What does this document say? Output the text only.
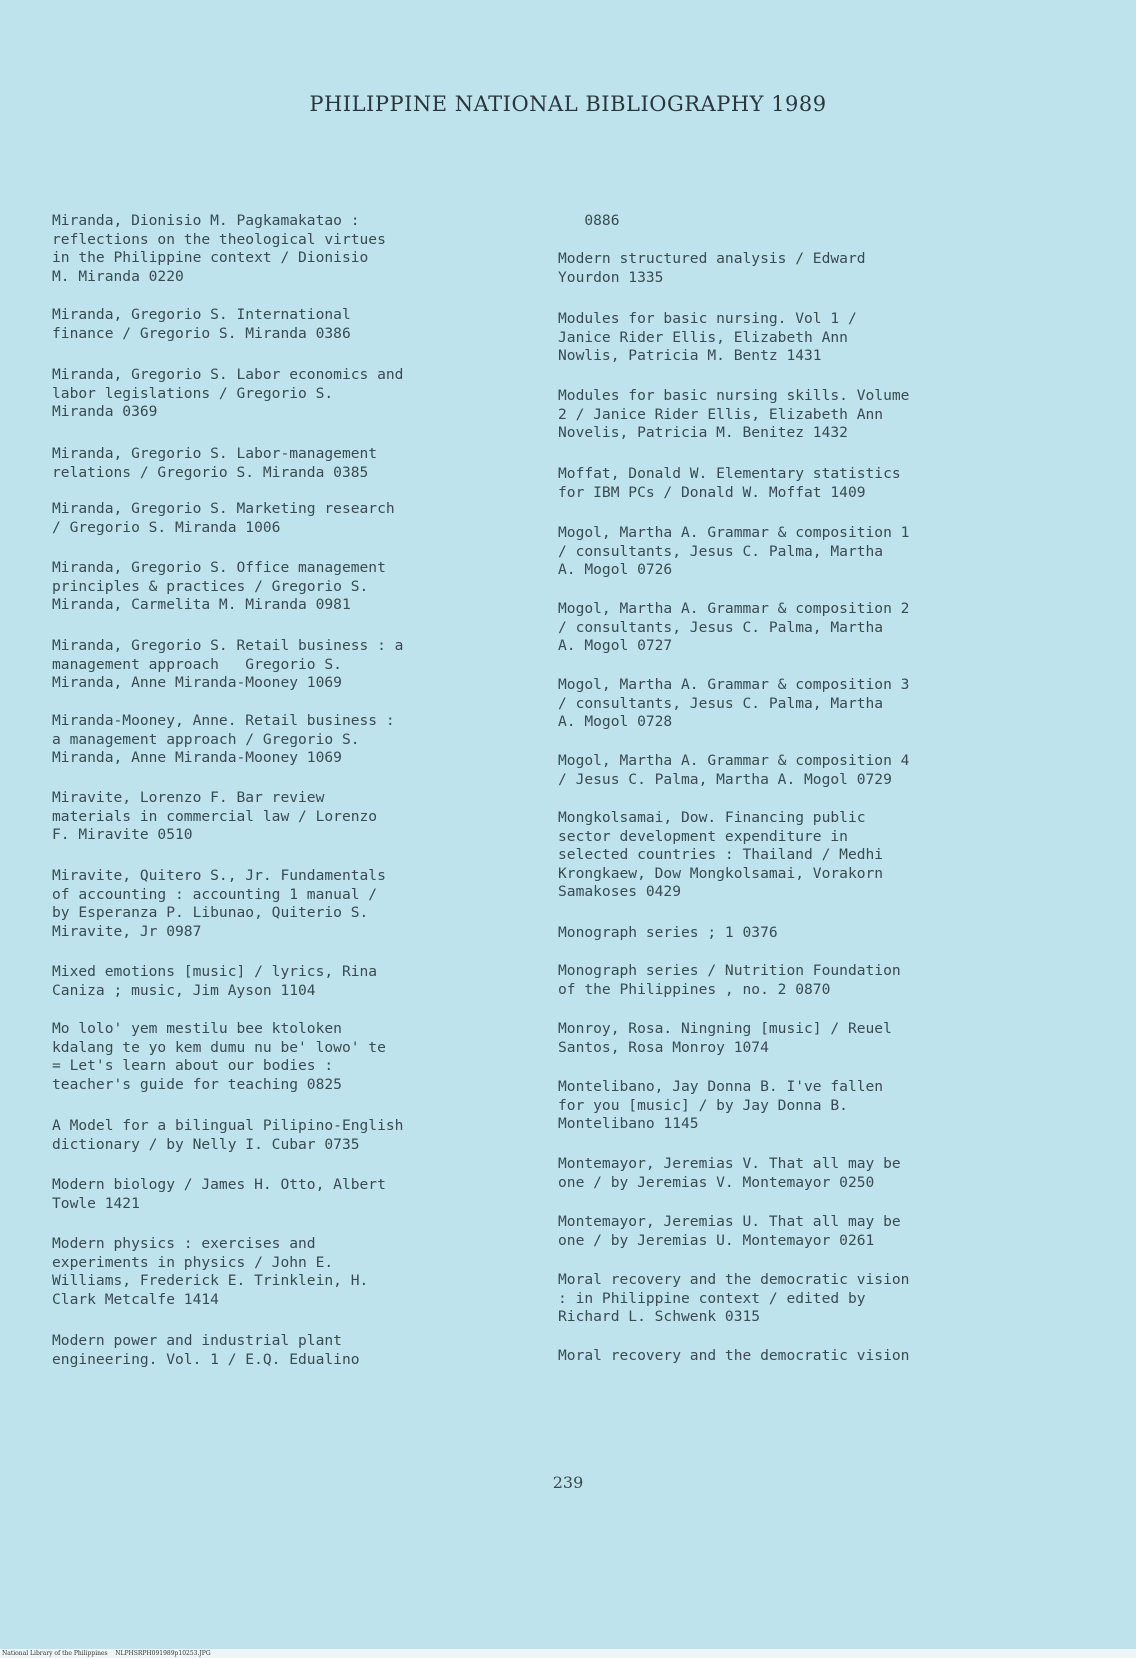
PHILIPPINE NATIONAL BIBLIOGRAPHY 1989
Miranda, Dionisio M. Pagkamakatao :
reflections on the theological virtues
in the Philippine context / Dionisio
M. Miranda 0220
Miranda, Gregorio S. International
finance / Gregorio S. Miranda 0386
Miranda, Gregorio S. Labor economics and
labor legislations / Gregorio S.
Miranda 0369
Miranda, Gregorio S. Labor-management
relations / Gregorio S. Miranda 0385
Miranda, Gregorio S. Marketing research
/ Gregorio S. Miranda 1006
Miranda, Gregorio S. Office management
principles & practices / Gregorio S.
Miranda, Carmelita M. Miranda 0981
Miranda, Gregorio S. Retail business : a
management approach   Gregorio S.
Miranda, Anne Miranda-Mooney 1069
Miranda-Mooney, Anne. Retail business :
a management approach / Gregorio S.
Miranda, Anne Miranda-Mooney 1069
Miravite, Lorenzo F. Bar review
materials in commercial law / Lorenzo
F. Miravite 0510
Miravite, Quitero S., Jr. Fundamentals
of accounting : accounting 1 manual /
by Esperanza P. Libunao, Quiterio S.
Miravite, Jr 0987
Mixed emotions [music] / lyrics, Rina
Caniza ; music, Jim Ayson 1104
Mo lolo' yem mestilu bee ktoloken
kdalang te yo kem dumu nu be' lowo' te
= Let's learn about our bodies :
teacher's guide for teaching 0825
A Model for a bilingual Pilipino-English
dictionary / by Nelly I. Cubar 0735
Modern biology / James H. Otto, Albert
Towle 1421
Modern physics : exercises and
experiments in physics / John E.
Williams, Frederick E. Trinklein, H.
Clark Metcalfe 1414
Modern power and industrial plant
engineering. Vol. 1 / E.Q. Edualino
0886
Modern structured analysis / Edward
Yourdon 1335
Modules for basic nursing. Vol 1 /
Janice Rider Ellis, Elizabeth Ann
Nowlis, Patricia M. Bentz 1431
Modules for basic nursing skills. Volume
2 / Janice Rider Ellis, Elizabeth Ann
Novelis, Patricia M. Benitez 1432
Moffat, Donald W. Elementary statistics
for IBM PCs / Donald W. Moffat 1409
Mogol, Martha A. Grammar & composition 1
/ consultants, Jesus C. Palma, Martha
A. Mogol 0726
Mogol, Martha A. Grammar & composition 2
/ consultants, Jesus C. Palma, Martha
A. Mogol 0727
Mogol, Martha A. Grammar & composition 3
/ consultants, Jesus C. Palma, Martha
A. Mogol 0728
Mogol, Martha A. Grammar & composition 4
/ Jesus C. Palma, Martha A. Mogol 0729
Mongkolsamai, Dow. Financing public
sector development expenditure in
selected countries : Thailand / Medhi
Krongkaew, Dow Mongkolsamai, Vorakorn
Samakoses 0429
Monograph series ; 1 0376
Monograph series / Nutrition Foundation
of the Philippines , no. 2 0870
Monroy, Rosa. Ningning [music] / Reuel
Santos, Rosa Monroy 1074
Montelibano, Jay Donna B. I've fallen
for you [music] / by Jay Donna B.
Montelibano 1145
Montemayor, Jeremias V. That all may be
one / by Jeremias V. Montemayor 0250
Montemayor, Jeremias U. That all may be
one / by Jeremias U. Montemayor 0261
Moral recovery and the democratic vision
: in Philippine context / edited by
Richard L. Schwenk 0315
Moral recovery and the democratic vision
239
National Library of the Philippines    NLPHSRPH091989p10253.JPG
